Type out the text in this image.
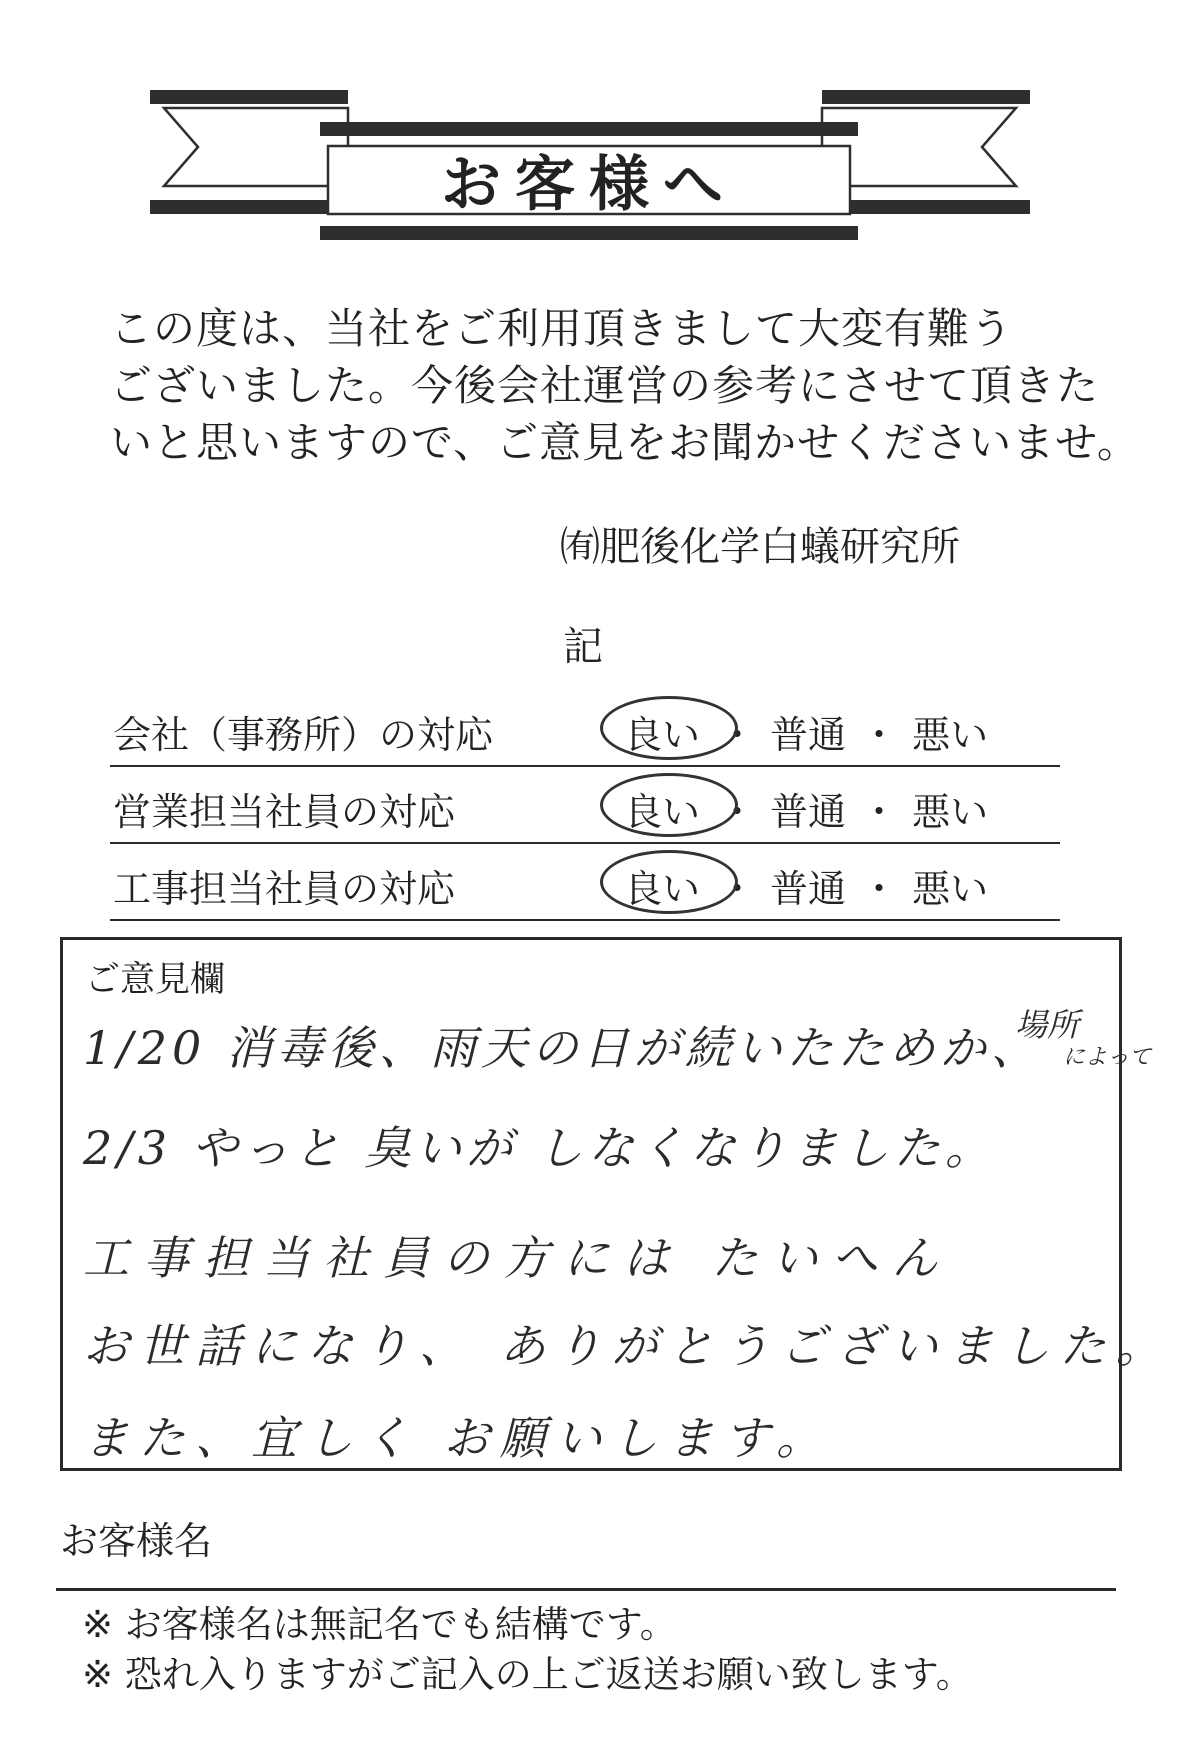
お客様へ
この度は、当社をご利用頂きまして大変有難う
ございました。今後会社運営の参考にさせて頂きた
いと思いますので、ご意見をお聞かせくださいませ。
㈲肥後化学白蟻研究所
記
会社（事務所）の対応	良い ・ 普通 ・ 悪い
営業担当社員の対応	良い ・ 普通 ・ 悪い
工事担当社員の対応	良い ・ 普通 ・ 悪い
ご意見欄
1/20 消毒後、雨天の日が続いたためか、
場所
によって
2/3 やっと 臭いが しなくなりました。
工事担当社員の方には たいへん
お世話になり、 ありがとうございました。
また、宜しく お願いします。
お客様名
※ お客様名は無記名でも結構です。
※ 恐れ入りますがご記入の上ご返送お願い致します。
